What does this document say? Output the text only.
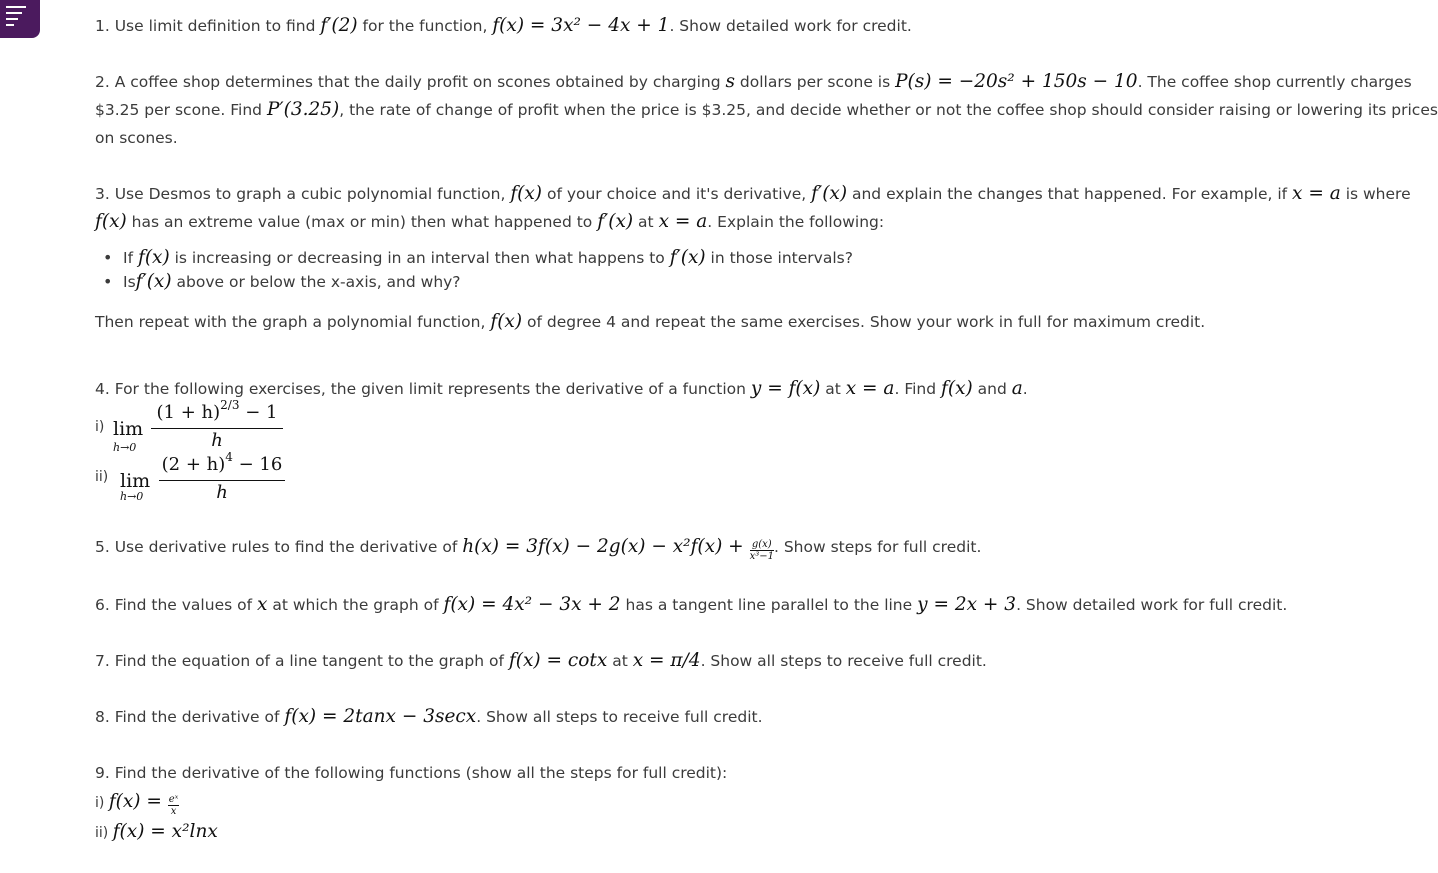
1. Use limit definition to find f′(2) for the function, f(x) = 3x² − 4x + 1. Show detailed work for credit.
2. A coffee shop determines that the daily profit on scones obtained by charging s dollars per scone is P(s) = −20s² + 150s − 10. The coffee shop currently charges
$3.25 per scone. Find P′(3.25), the rate of change of profit when the price is $3.25, and decide whether or not the coffee shop should consider raising or lowering its prices
on scones.
3. Use Desmos to graph a cubic polynomial function, f(x) of your choice and it's derivative, f′(x) and explain the changes that happened. For example, if x = a is where
f(x) has an extreme value (max or min) then what happened to f′(x) at x = a. Explain the following:
• If f(x) is increasing or decreasing in an interval then what happens to f′(x) in those intervals?
• Isf′(x) above or below the x-axis, and why?
Then repeat with the graph a polynomial function, f(x) of degree 4 and repeat the same exercises. Show your work in full for maximum credit.
4. For the following exercises, the given limit represents the derivative of a function y = f(x) at x = a. Find f(x) and a.
i) lim
h→0
$(1 + h)^{2/3} - 1$
h
ii) lim
h→0
$(2 + h)^4 - 16$
h
5. Use derivative rules to find the derivative of $h(x) = 3f(x) - 2g(x) - x^2f(x) + \frac{g(x)}{\text{x³−1}}$ . Show steps for full credit.
6. Find the values of x at which the graph of f(x) = 4x² − 3x + 2 has a tangent line parallel to the line y = 2x + 3. Show detailed work for full credit.
7. Find the equation of a line tangent to the graph of f(x) = cotx at x = π/4. Show all steps to receive full credit.
8. Find the derivative of f(x) = 2tanx − 3secx. Show all steps to receive full credit.
9. Find the derivative of the following functions (show all the steps for full credit):
i) $f(x) = \frac{\text{eˣ}}{x}$
ii) f(x) = x²lnx
